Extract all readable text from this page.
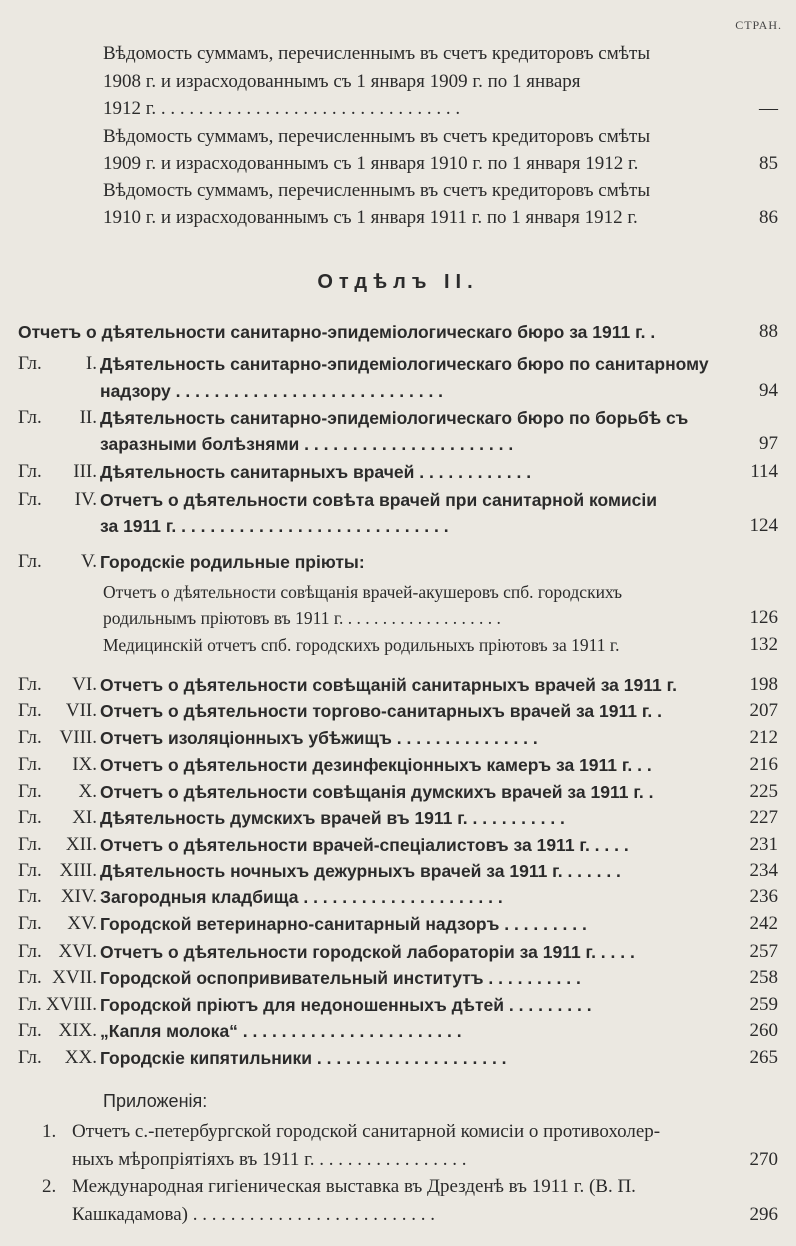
СТРАН.
Вѣдомость суммамъ, перечисленнымъ въ счетъ кредиторовъ смѣты
1908 г. и израсходованнымъ съ 1 января 1909 г. по 1 января
1912 г. . . . . . . . . . . . . . . . . . . . . . . . . . . . . . . . .	—
Вѣдомость суммамъ, перечисленнымъ въ счетъ кредиторовъ смѣты
1909 г. и израсходованнымъ съ 1 января 1910 г. по 1 января 1912 г.	85
Вѣдомость суммамъ, перечисленнымъ въ счетъ кредиторовъ смѣты
1910 г. и израсходованнымъ съ 1 января 1911 г. по 1 января 1912 г.	86
Отдѣлъ II.
Отчетъ о дѣятельности санитарно-эпидеміологическаго бюро за 1911 г. .	88
Гл. I. Дѣятельность санитарно-эпидеміологическаго бюро по санитарному
надзору . . . . . . . . . . . . . . . . . . . . . . . . . . . .	94
Гл. II. Дѣятельность санитарно-эпидеміологическаго бюро по борьбѣ съ
заразными болѣзнями . . . . . . . . . . . . . . . . . . . . . .	97
Гл. III. Дѣятельность санитарныхъ врачей . . . . . . . . . . . .	114
Гл. IV. Отчетъ о дѣятельности совѣта врачей при санитарной комисіи
за 1911 г. . . . . . . . . . . . . . . . . . . . . . . . . . . . .	124
Гл. V. Городскіе родильные пріюты:
Отчетъ о дѣятельности совѣщанія врачей-акушеровъ спб. городскихъ
родильнымъ пріютовъ въ 1911 г. . . . . . . . . . . . . . . . . . .	126
Медицинскій отчетъ спб. городскихъ родильныхъ пріютовъ за 1911 г.	132
Гл. VI. Отчетъ о дѣятельности совѣщаній санитарныхъ врачей за 1911 г.	198
Гл. VII. Отчетъ о дѣятельности торгово-санитарныхъ врачей за 1911 г. .	207
Гл. VIII. Отчетъ изоляціонныхъ убѣжищъ . . . . . . . . . . . . . . .	212
Гл. IX. Отчетъ о дѣятельности дезинфекціонныхъ камеръ за 1911 г. . .	216
Гл. X. Отчетъ о дѣятельности совѣщанія думскихъ врачей за 1911 г. .	225
Гл. XI. Дѣятельность думскихъ врачей въ 1911 г. . . . . . . . . . .	227
Гл. XII. Отчетъ о дѣятельности врачей-спеціалистовъ за 1911 г. . . . .	231
Гл. XIII. Дѣятельность ночныхъ дежурныхъ врачей за 1911 г. . . . . . .	234
Гл. XIV. Загородныя кладбища . . . . . . . . . . . . . . . . . . . . .	236
Гл. XV. Городской ветеринарно-санитарный надзоръ . . . . . . . . .	242
Гл. XVI. Отчетъ о дѣятельности городской лабораторіи за 1911 г. . . . .	257
Гл. XVII. Городской оспопрививательный институтъ . . . . . . . . . .	258
Гл. XVIII. Городской пріютъ для недоношенныхъ дѣтей . . . . . . . . .	259
Гл. XIX. „Капля молока“ . . . . . . . . . . . . . . . . . . . . . . .	260
Гл. XX. Городскіе кипятильники . . . . . . . . . . . . . . . . . . . .	265
Приложенія:
1. Отчетъ с.-петербургской городской санитарной комисіи о противохолер-
ныхъ мѣропріятіяхъ въ 1911 г. . . . . . . . . . . . . . . . .	270
2. Международная гигіеническая выставка въ Дрезденѣ въ 1911 г. (В. П.
Кашкадамова) . . . . . . . . . . . . . . . . . . . . . . . . . .	296
